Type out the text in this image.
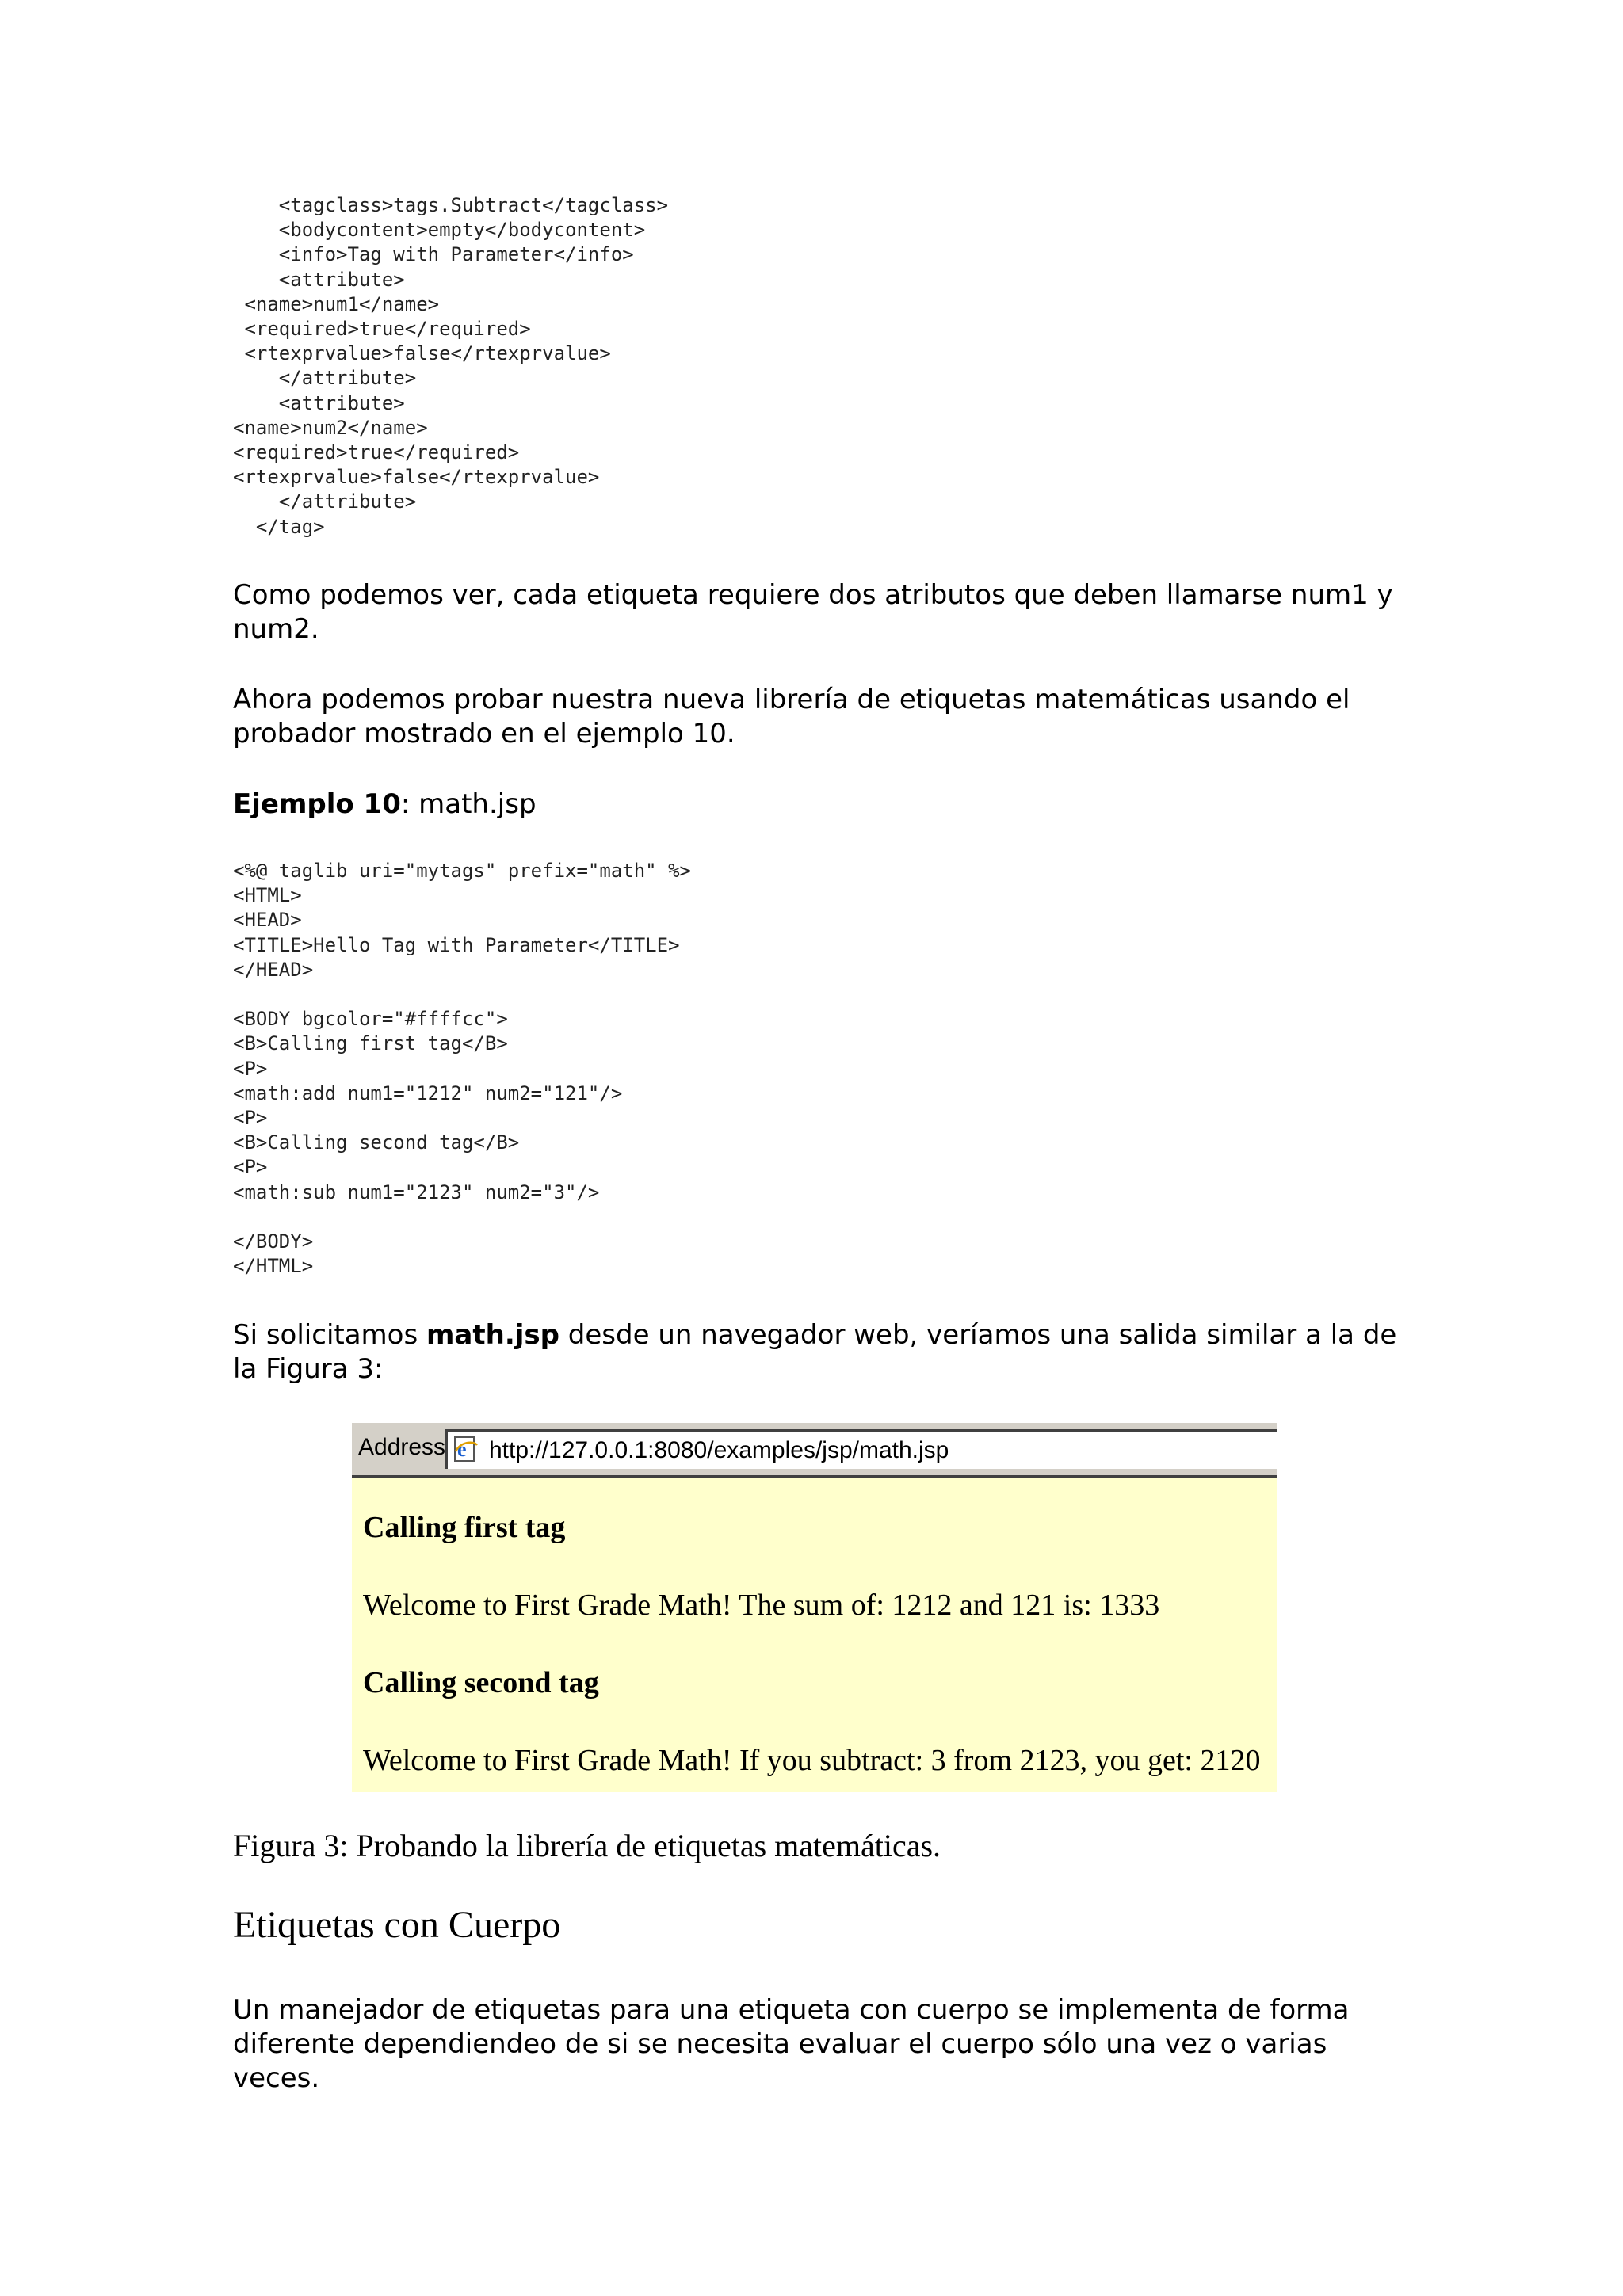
<tagclass>tags.Subtract</tagclass>
<bodycontent>empty</bodycontent>
<info>Tag with Parameter</info>
<attribute>
<name>num1</name>
<required>true</required>
<rtexprvalue>false</rtexprvalue>
</attribute>
<attribute>
<name>num2</name>
<required>true</required>
<rtexprvalue>false</rtexprvalue>
</attribute>
</tag>

Como podemos ver, cada etiqueta requiere dos atributos que deben llamarse num1 y num2.

Ahora podemos probar nuestra nueva librería de etiquetas matemáticas usando el probador mostrado en el ejemplo 10.

Ejemplo 10: math.jsp

<%@ taglib uri="mytags" prefix="math" %>
<HTML>
<HEAD>
<TITLE>Hello Tag with Parameter</TITLE>
</HEAD>

<BODY bgcolor="#ffffcc">
<B>Calling first tag</B>
<P>
<math:add num1="1212" num2="121"/>
<P>
<B>Calling second tag</B>
<P>
<math:sub num1="2123" num2="3"/>

</BODY>
</HTML>

Si solicitamos math.jsp desde un navegador web, veríamos una salida similar a la de la Figura 3:

Address e http://127.0.0.1:8080/examples/jsp/math.jsp

Calling first tag

Welcome to First Grade Math! The sum of: 1212 and 121 is: 1333

Calling second tag

Welcome to First Grade Math! If you subtract: 3 from 2123, you get: 2120

Figura 3: Probando la librería de etiquetas matemáticas.

Etiquetas con Cuerpo

Un manejador de etiquetas para una etiqueta con cuerpo se implementa de forma diferente dependiendeo de si se necesita evaluar el cuerpo sólo una vez o varias veces.
